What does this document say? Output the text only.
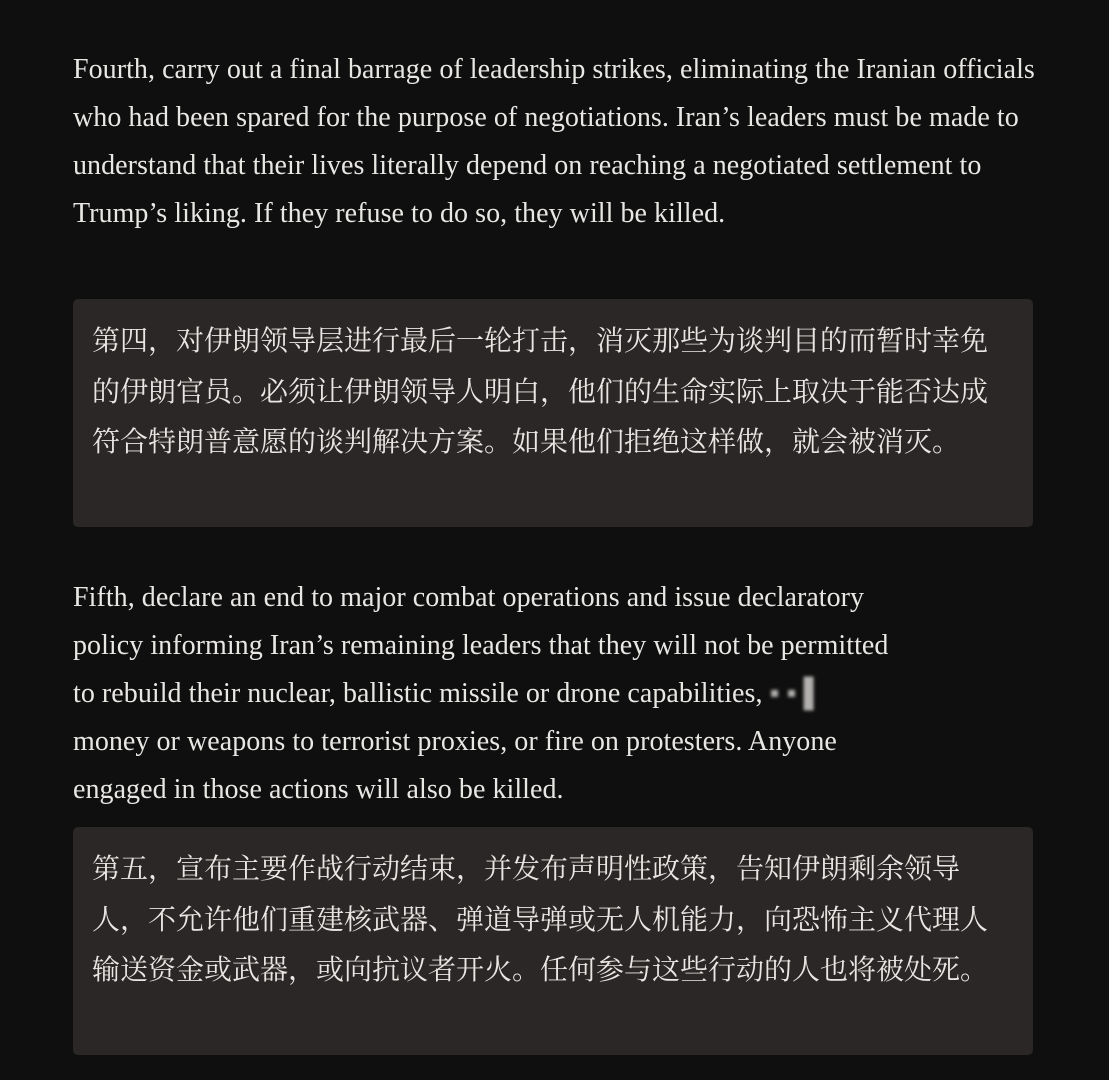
Fourth, carry out a final barrage of leadership strikes, eliminating the Iranian officials who had been spared for the purpose of negotiations. Iran’s leaders must be made to understand that their lives literally depend on reaching a negotiated settlement to Trump’s liking. If they refuse to do so, they will be killed.

第四，对伊朗领导层进行最后一轮打击，消灭那些为谈判目的而暂时幸免的伊朗官员。必须让伊朗领导人明白，他们的生命实际上取决于能否达成符合特朗普意愿的谈判解决方案。如果他们拒绝这样做，就会被消灭。

Fifth, declare an end to major combat operations and issue declaratory
policy informing Iran’s remaining leaders that they will not be permitted
to rebuild their nuclear, ballistic missile or drone capabilities, ▪ ▪ ▌
money or weapons to terrorist proxies, or fire on protesters. Anyone
engaged in those actions will also be killed.

第五，宣布主要作战行动结束，并发布声明性政策，告知伊朗剩余领导人，不允许他们重建核武器、弹道导弹或无人机能力，向恐怖主义代理人输送资金或武器，或向抗议者开火。任何参与这些行动的人也将被处死。
